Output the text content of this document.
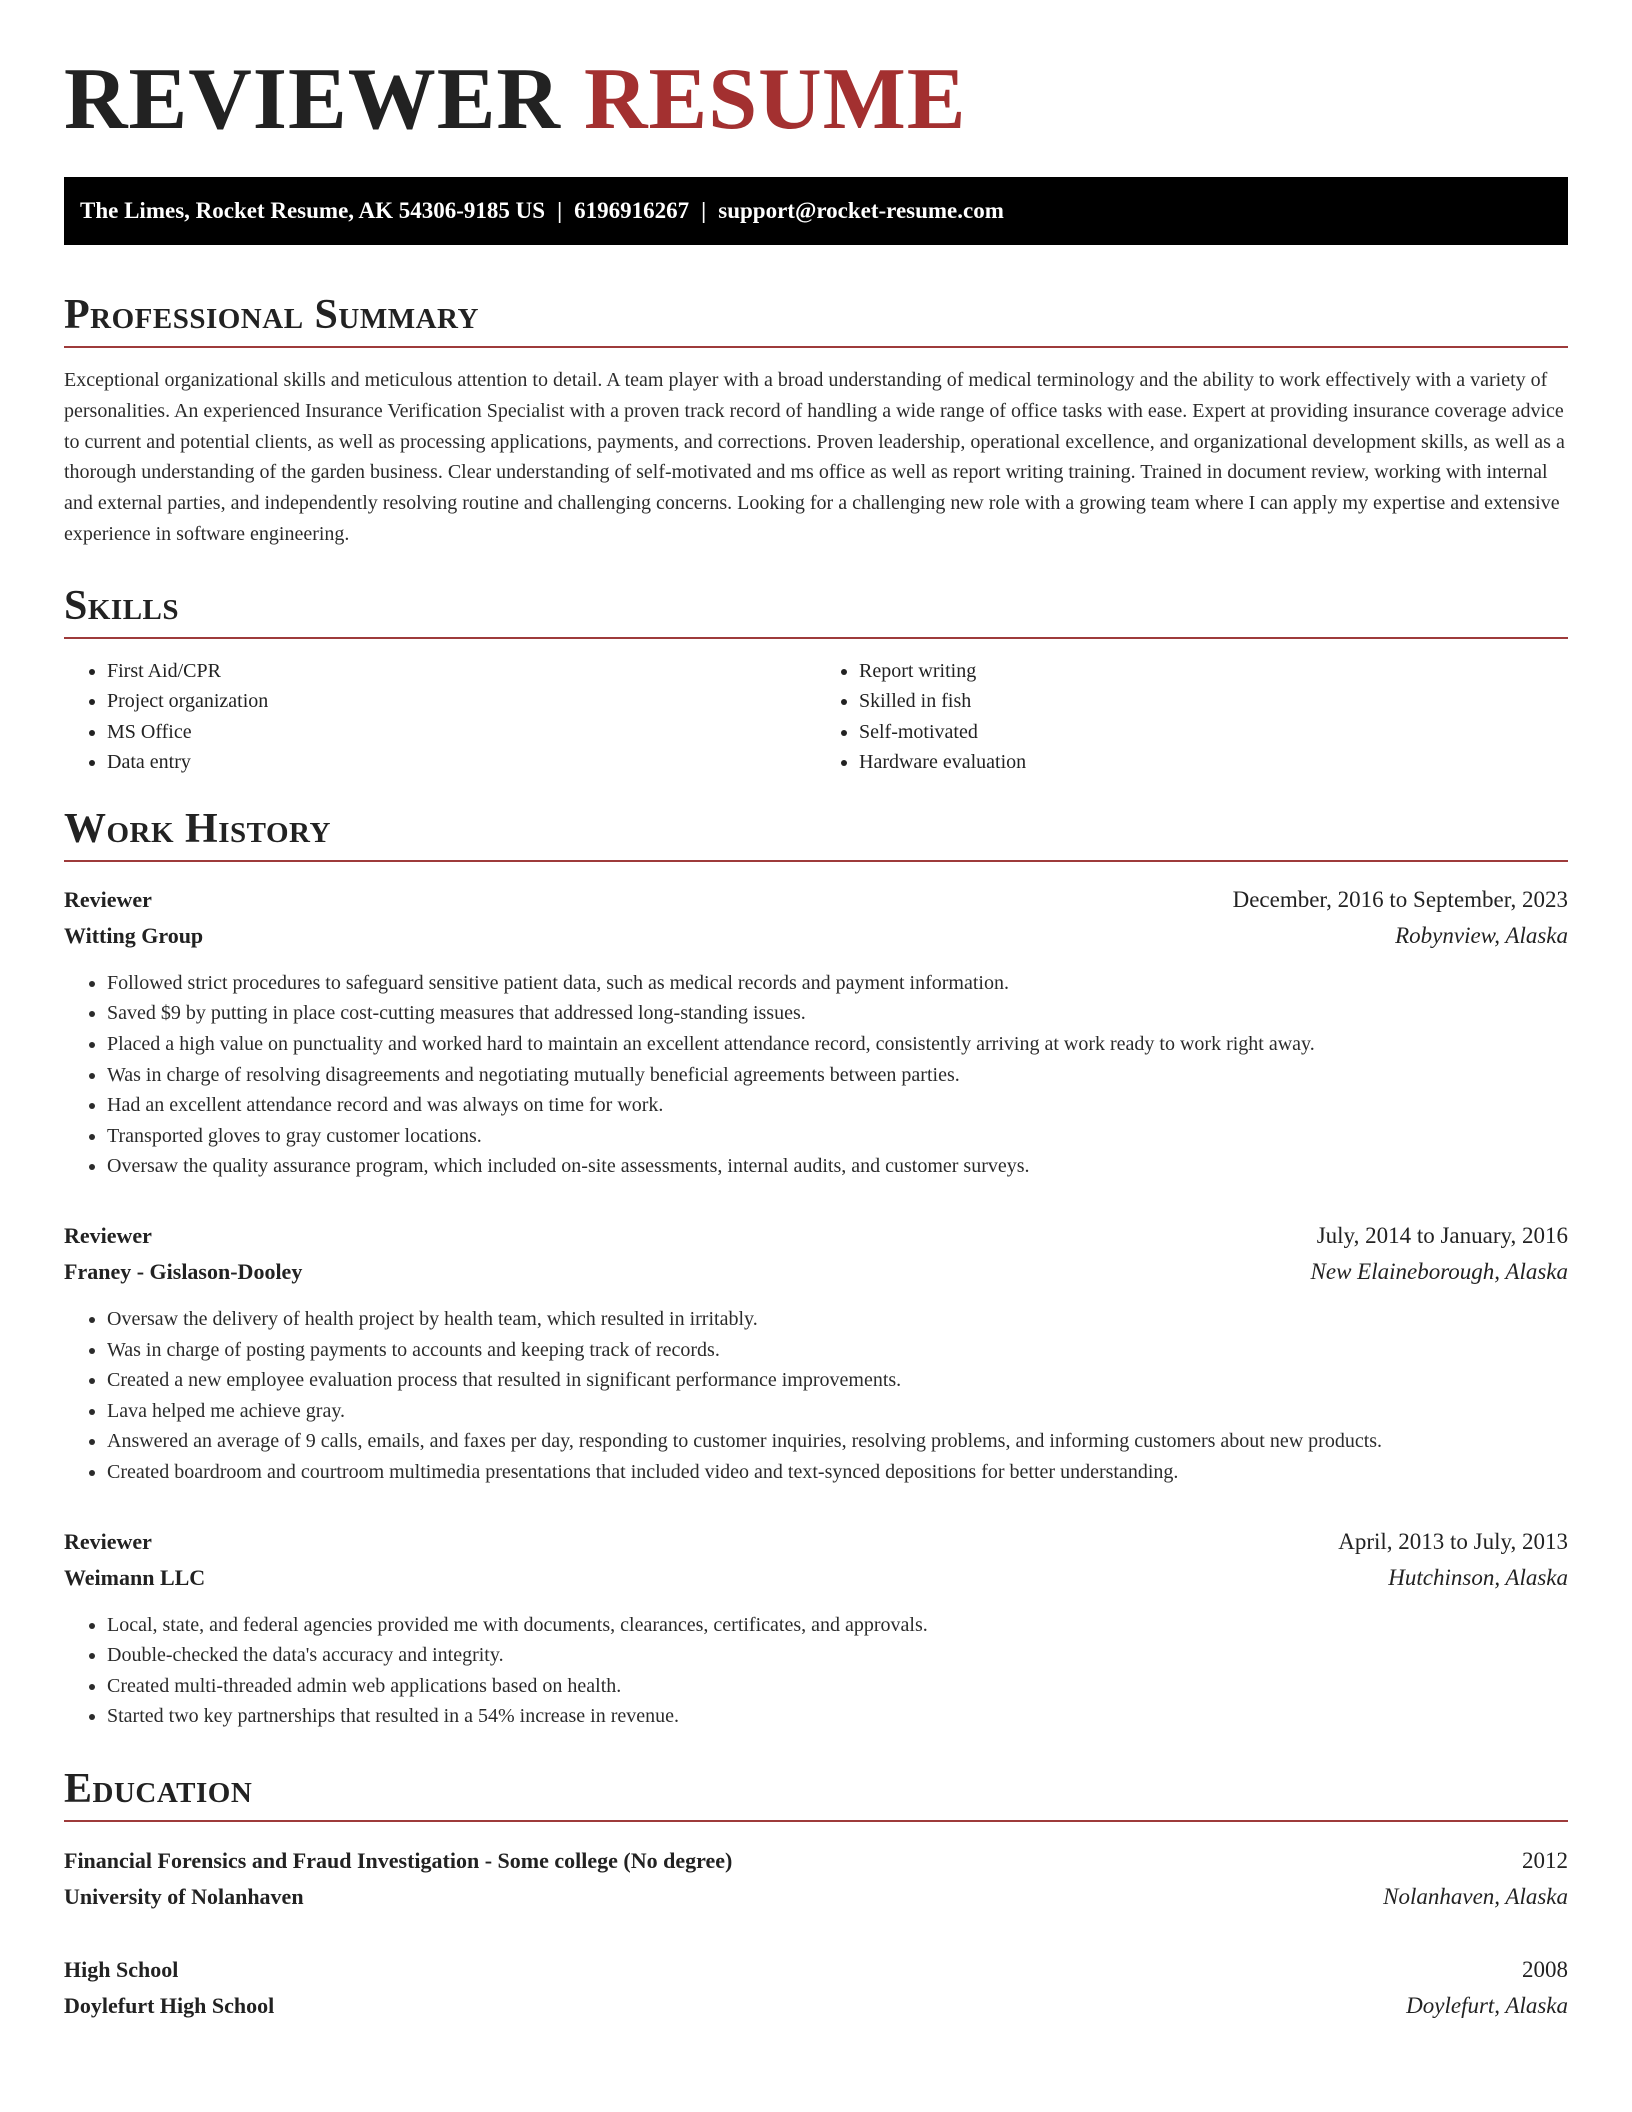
REVIEWER RESUME
The Limes, Rocket Resume, AK 54306-9185 US | 6196916267 | support@rocket-resume.com
Professional Summary

Exceptional organizational skills and meticulous attention to detail. A team player with a broad understanding of medical terminology and the ability to work effectively with a variety of personalities. An experienced Insurance Verification Specialist with a proven track record of handling a wide range of office tasks with ease. Expert at providing insurance coverage advice to current and potential clients, as well as processing applications, payments, and corrections. Proven leadership, operational excellence, and organizational development skills, as well as a thorough understanding of the garden business. Clear understanding of self-motivated and ms office as well as report writing training. Trained in document review, working with internal and external parties, and independently resolving routine and challenging concerns. Looking for a challenging new role with a growing team where I can apply my expertise and extensive experience in software engineering.

Skills
• First Aid/CPR
• Project organization
• MS Office
• Data entry
• Report writing
• Skilled in fish
• Self-motivated
• Hardware evaluation
Work History
Reviewer	December, 2016 to September, 2023
Witting Group	Robynview, Alaska
• Followed strict procedures to safeguard sensitive patient data, such as medical records and payment information.
• Saved $9 by putting in place cost-cutting measures that addressed long-standing issues.
• Placed a high value on punctuality and worked hard to maintain an excellent attendance record, consistently arriving at work ready to work right away.
• Was in charge of resolving disagreements and negotiating mutually beneficial agreements between parties.
• Had an excellent attendance record and was always on time for work.
• Transported gloves to gray customer locations.
• Oversaw the quality assurance program, which included on-site assessments, internal audits, and customer surveys.
Reviewer	July, 2014 to January, 2016
Franey - Gislason-Dooley	New Elaineborough, Alaska
• Oversaw the delivery of health project by health team, which resulted in irritably.
• Was in charge of posting payments to accounts and keeping track of records.
• Created a new employee evaluation process that resulted in significant performance improvements.
• Lava helped me achieve gray.
• Answered an average of 9 calls, emails, and faxes per day, responding to customer inquiries, resolving problems, and informing customers about new products.
• Created boardroom and courtroom multimedia presentations that included video and text-synced depositions for better understanding.
Reviewer	April, 2013 to July, 2013
Weimann LLC	Hutchinson, Alaska
• Local, state, and federal agencies provided me with documents, clearances, certificates, and approvals.
• Double-checked the data's accuracy and integrity.
• Created multi-threaded admin web applications based on health.
• Started two key partnerships that resulted in a 54% increase in revenue.
Education
Financial Forensics and Fraud Investigation - Some college (No degree)	2012
University of Nolanhaven	Nolanhaven, Alaska
High School	2008
Doylefurt High School	Doylefurt, Alaska
